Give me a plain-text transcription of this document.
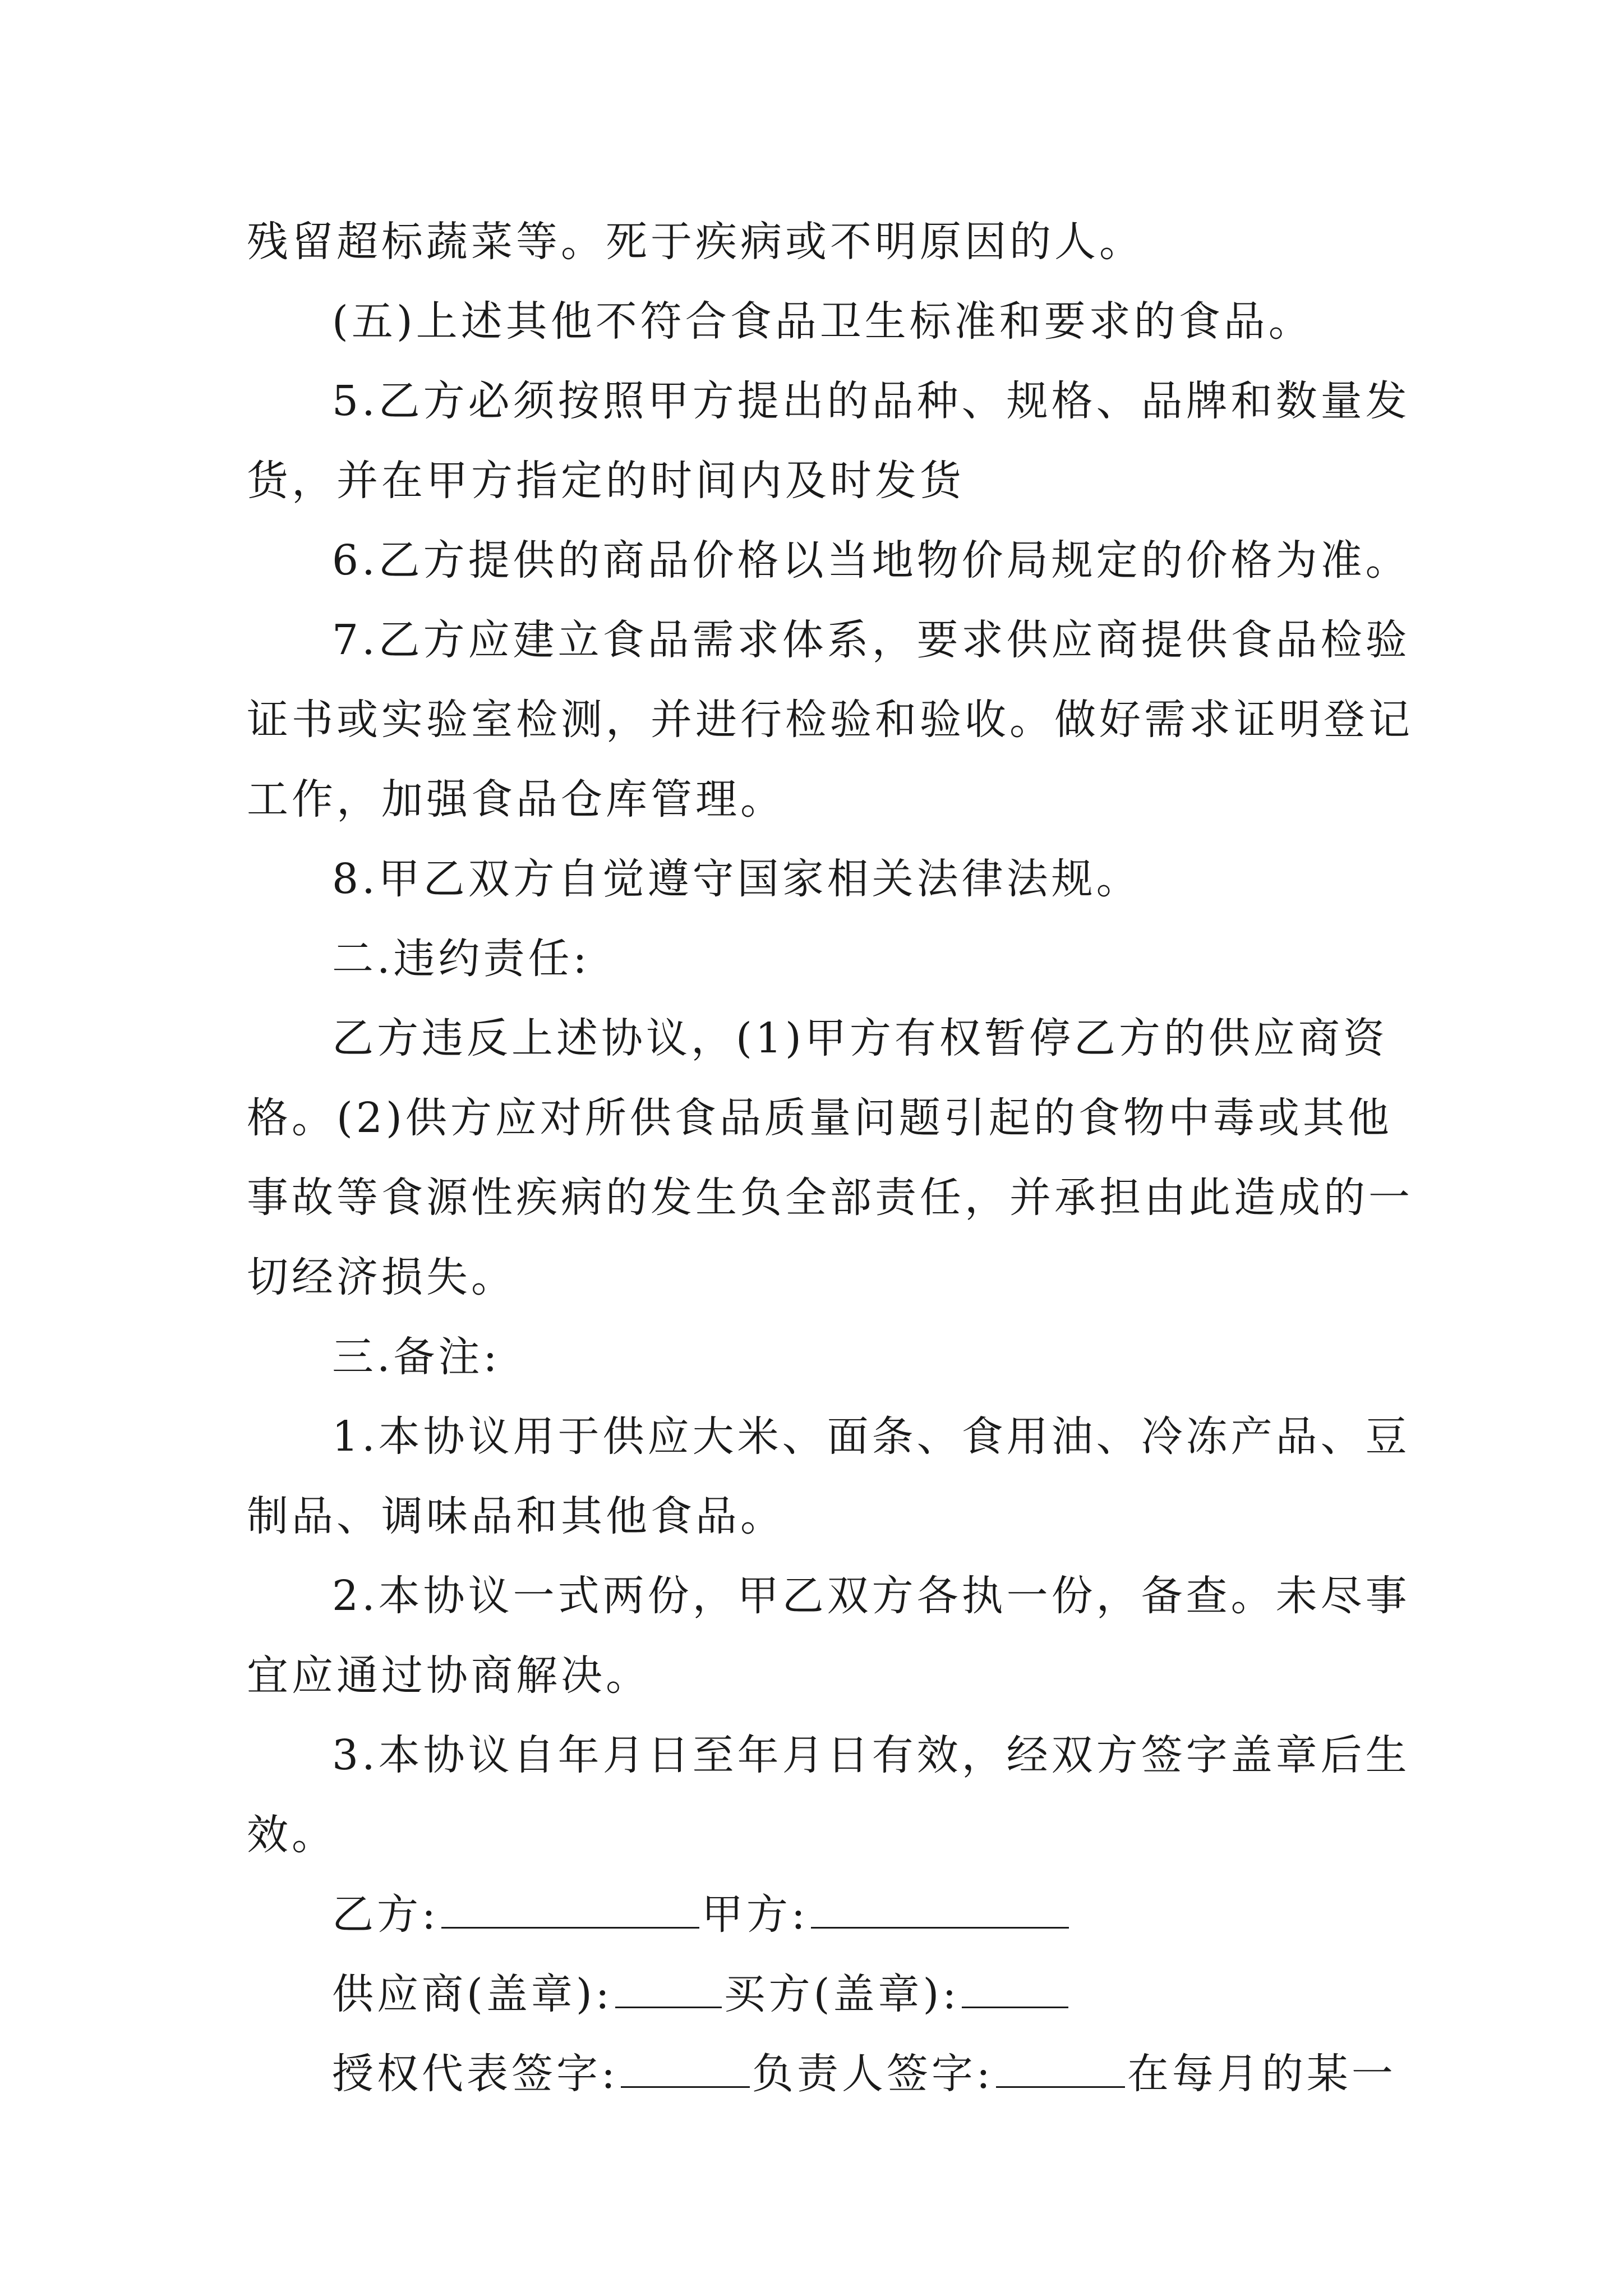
残留超标蔬菜等。死于疾病或不明原因的人。
(五)上述其他不符合食品卫生标准和要求的食品。
5.乙方必须按照甲方提出的品种、规格、品牌和数量发
货，并在甲方指定的时间内及时发货
6.乙方提供的商品价格以当地物价局规定的价格为准。
7.乙方应建立食品需求体系，要求供应商提供食品检验
证书或实验室检测，并进行检验和验收。做好需求证明登记
工作，加强食品仓库管理。
8.甲乙双方自觉遵守国家相关法律法规。
二.违约责任:
乙方违反上述协议，(1)甲方有权暂停乙方的供应商资
格。(2)供方应对所供食品质量问题引起的食物中毒或其他
事故等食源性疾病的发生负全部责任，并承担由此造成的一
切经济损失。
三.备注:
1.本协议用于供应大米、面条、食用油、冷冻产品、豆
制品、调味品和其他食品。
2.本协议一式两份，甲乙双方各执一份，备查。未尽事
宜应通过协商解决。
3.本协议自年月日至年月日有效，经双方签字盖章后生
效。
乙方:	甲方:
供应商(盖章):	买方(盖章):
授权代表签字:	负责人签字:	在每月的某一
